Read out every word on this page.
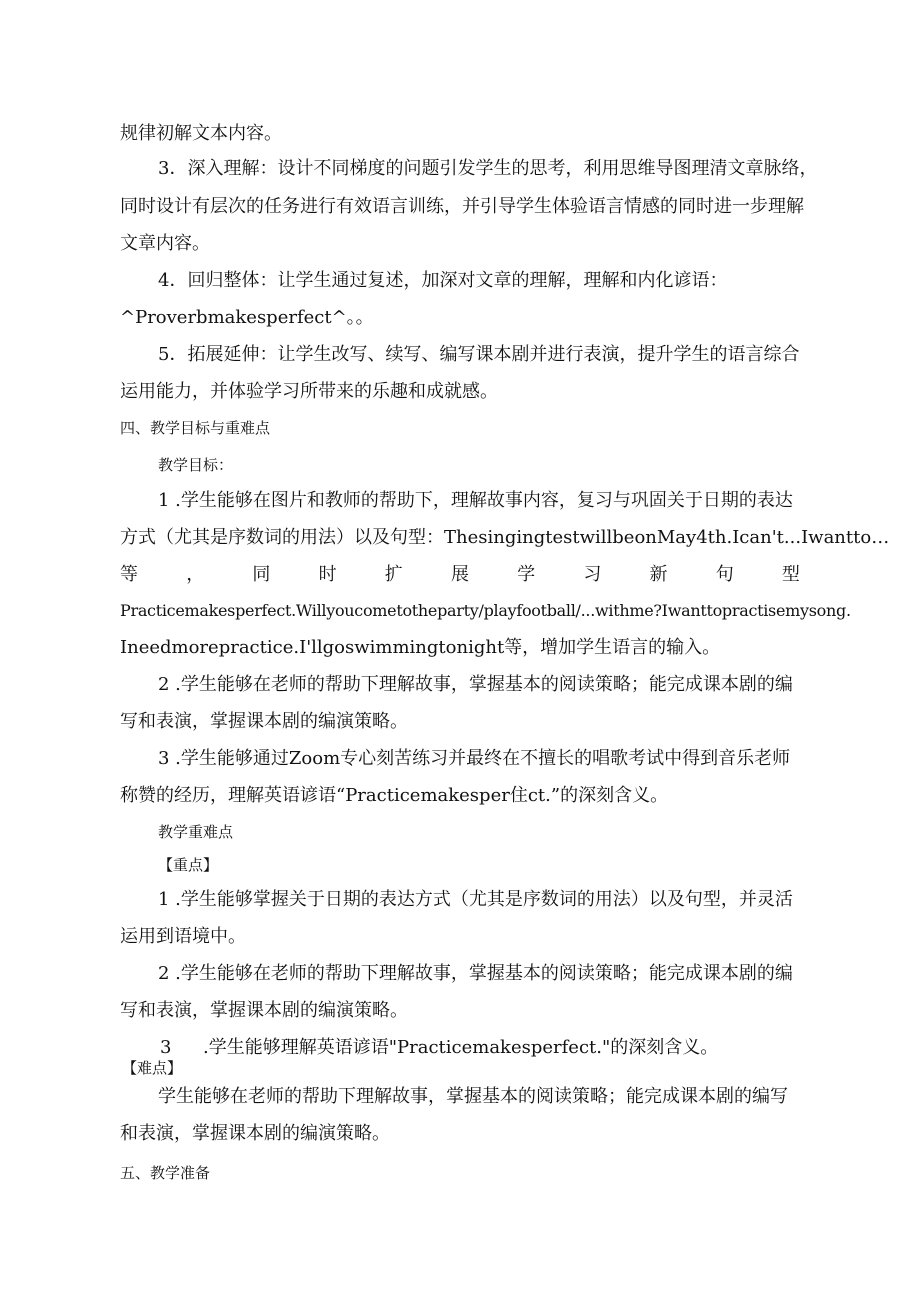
规律初解文本内容。
3．深入理解：设计不同梯度的问题引发学生的思考，利用思维导图理清文章脉络，
同时设计有层次的任务进行有效语言训练，并引导学生体验语言情感的同时进一步理解
文章内容。
4．回归整体：让学生通过复述，加深对文章的理解，理解和内化谚语：
^Proverbmakesperfect^。。
5．拓展延伸：让学生改写、续写、编写课本剧并进行表演，提升学生的语言综合
运用能力，并体验学习所带来的乐趣和成就感。
四、教学目标与重难点
教学目标：
1 .学生能够在图片和教师的帮助下，理解故事内容，复习与巩固关于日期的表达
方式（尤其是序数词的用法）以及句型：ThesingingtestwillbeonMay4th.Ican't...Iwantto…
等	，	同	时	扩	展	学	习	新	句	型
Practicemakesperfect.Willyoucometotheparty/playfootball/...withme?Iwanttopractisemysong.
Ineedmorepractice.I'llgoswimmingtonight等，增加学生语言的输入。
2 .学生能够在老师的帮助下理解故事，掌握基本的阅读策略；能完成课本剧的编
写和表演，掌握课本剧的编演策略。
3 .学生能够通过Zoom专心刻苦练习并最终在不擅长的唱歌考试中得到音乐老师
称赞的经历，理解英语谚语“Practicemakesper住ct.”的深刻含义。
教学重难点
【重点】
1 .学生能够掌握关于日期的表达方式（尤其是序数词的用法）以及句型，并灵活
运用到语境中。
2 .学生能够在老师的帮助下理解故事，掌握基本的阅读策略；能完成课本剧的编
写和表演，掌握课本剧的编演策略。
3 .学生能够理解英语谚语"Practicemakesperfect."的深刻含义。
【难点】
学生能够在老师的帮助下理解故事，掌握基本的阅读策略；能完成课本剧的编写
和表演，掌握课本剧的编演策略。
五、教学准备
